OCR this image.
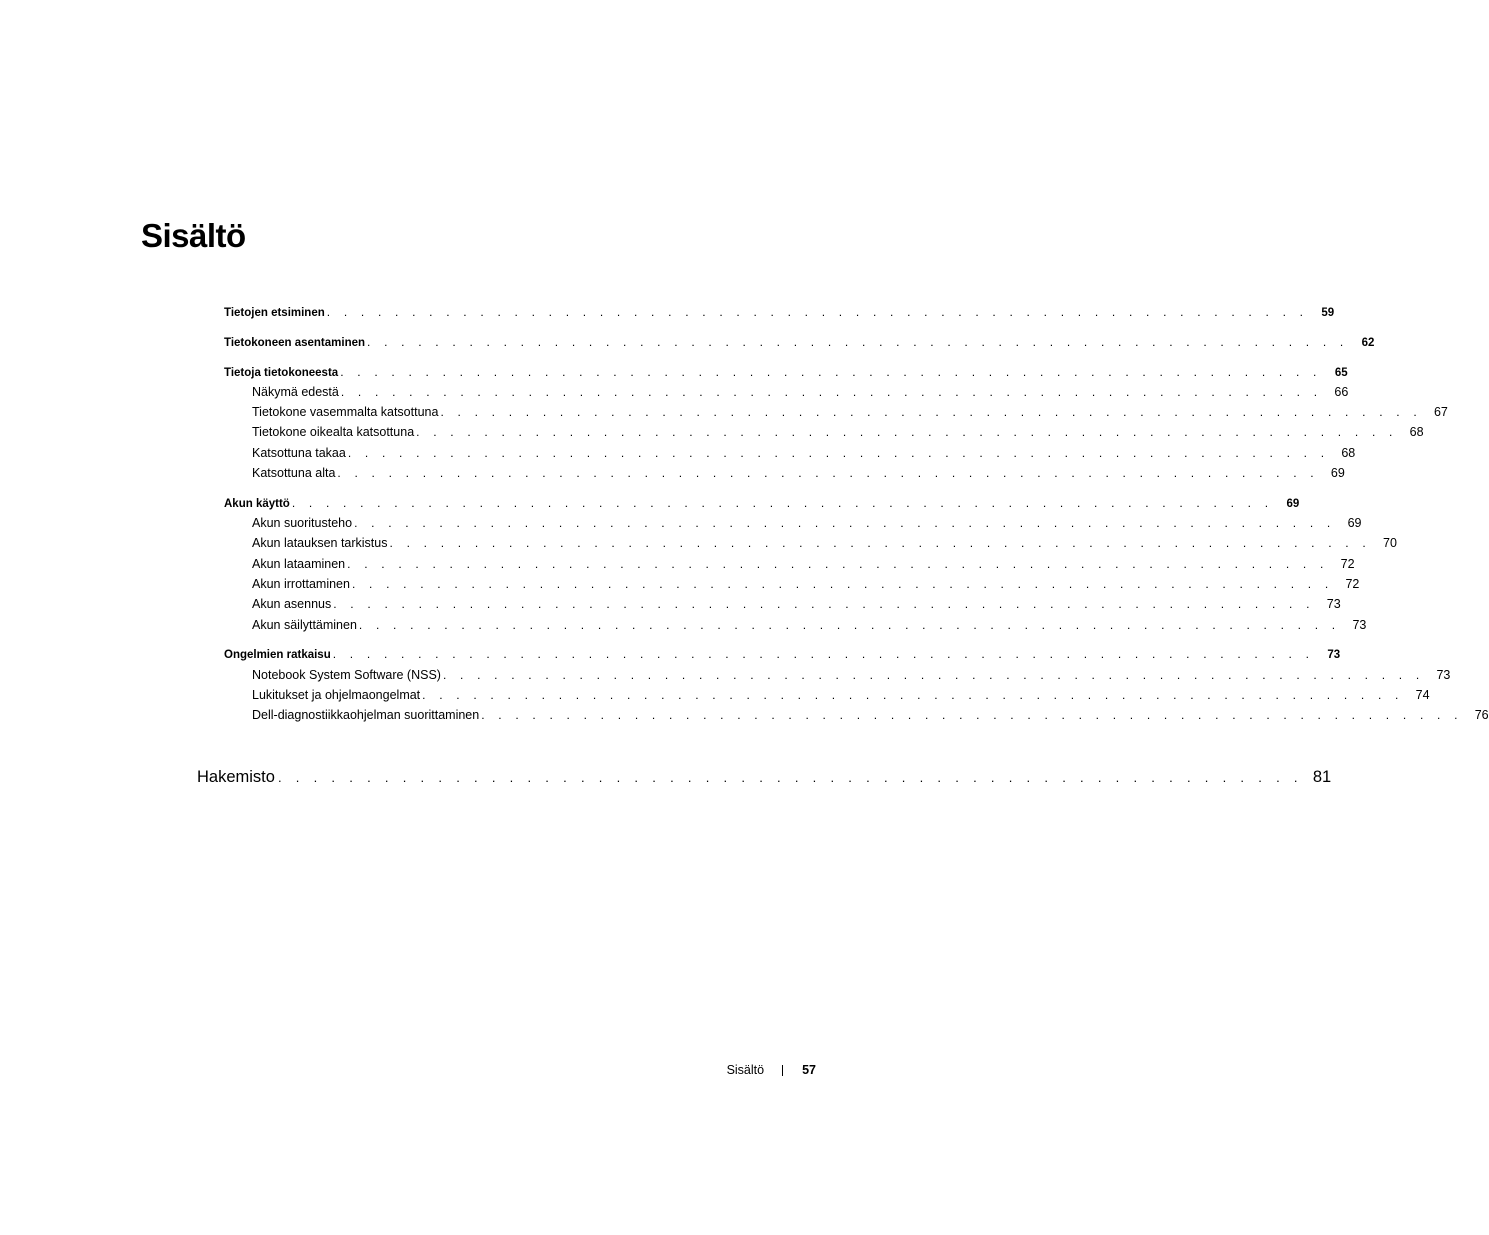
Sisältö
Tietojen etsiminen . . . . . . . . . . . . . . . . . . . . . . . . . . . . . . . . . . . . . . . . . . . . . . . . . . . . . . . . . . 59
Tietokoneen asentaminen . . . . . . . . . . . . . . . . . . . . . . . . . . . . . . . . . . . . . . . . . . . . . . . . . . . . . . . . . . 62
Tietoja tietokoneesta . . . . . . . . . . . . . . . . . . . . . . . . . . . . . . . . . . . . . . . . . . . . . . . . . . . . . . . . . . 65
Näkymä edestä . . . . . . . . . . . . . . . . . . . . . . . . . . . . . . . . . . . . . . . . . . . . . . . . . . . . . . . . . . 66
Tietokone vasemmalta katsottuna . . . . . . . . . . . . . . . . . . . . . . . . . . . . . . . . . . . . . . . . . . . . . . . . . . . . . . . . . . 67
Tietokone oikealta katsottuna . . . . . . . . . . . . . . . . . . . . . . . . . . . . . . . . . . . . . . . . . . . . . . . . . . . . . . . . . . 68
Katsottuna takaa . . . . . . . . . . . . . . . . . . . . . . . . . . . . . . . . . . . . . . . . . . . . . . . . . . . . . . . . . . 68
Katsottuna alta . . . . . . . . . . . . . . . . . . . . . . . . . . . . . . . . . . . . . . . . . . . . . . . . . . . . . . . . . . 69
Akun käyttö . . . . . . . . . . . . . . . . . . . . . . . . . . . . . . . . . . . . . . . . . . . . . . . . . . . . . . . . . . 69
Akun suoritusteho . . . . . . . . . . . . . . . . . . . . . . . . . . . . . . . . . . . . . . . . . . . . . . . . . . . . . . . . . . 69
Akun latauksen tarkistus . . . . . . . . . . . . . . . . . . . . . . . . . . . . . . . . . . . . . . . . . . . . . . . . . . . . . . . . . . 70
Akun lataaminen . . . . . . . . . . . . . . . . . . . . . . . . . . . . . . . . . . . . . . . . . . . . . . . . . . . . . . . . . . 72
Akun irrottaminen . . . . . . . . . . . . . . . . . . . . . . . . . . . . . . . . . . . . . . . . . . . . . . . . . . . . . . . . . . 72
Akun asennus . . . . . . . . . . . . . . . . . . . . . . . . . . . . . . . . . . . . . . . . . . . . . . . . . . . . . . . . . . 73
Akun säilyttäminen . . . . . . . . . . . . . . . . . . . . . . . . . . . . . . . . . . . . . . . . . . . . . . . . . . . . . . . . . . 73
Ongelmien ratkaisu . . . . . . . . . . . . . . . . . . . . . . . . . . . . . . . . . . . . . . . . . . . . . . . . . . . . . . . . . . 73
Notebook System Software (NSS) . . . . . . . . . . . . . . . . . . . . . . . . . . . . . . . . . . . . . . . . . . . . . . . . . . . . . . . . . . 73
Lukitukset ja ohjelmaongelmat . . . . . . . . . . . . . . . . . . . . . . . . . . . . . . . . . . . . . . . . . . . . . . . . . . . . . . . . . . 74
Dell-diagnostiikkaohjelman suorittaminen . . . . . . . . . . . . . . . . . . . . . . . . . . . . . . . . . . . . . . . . . . . . . . . . . . . . . . . . . . 76
Hakemisto . . . . . . . . . . . . . . . . . . . . . . . . . . . . . . . . . . . . . . . . . . . . . . . . . . . . . . . . . . 81
Sisältö	57
